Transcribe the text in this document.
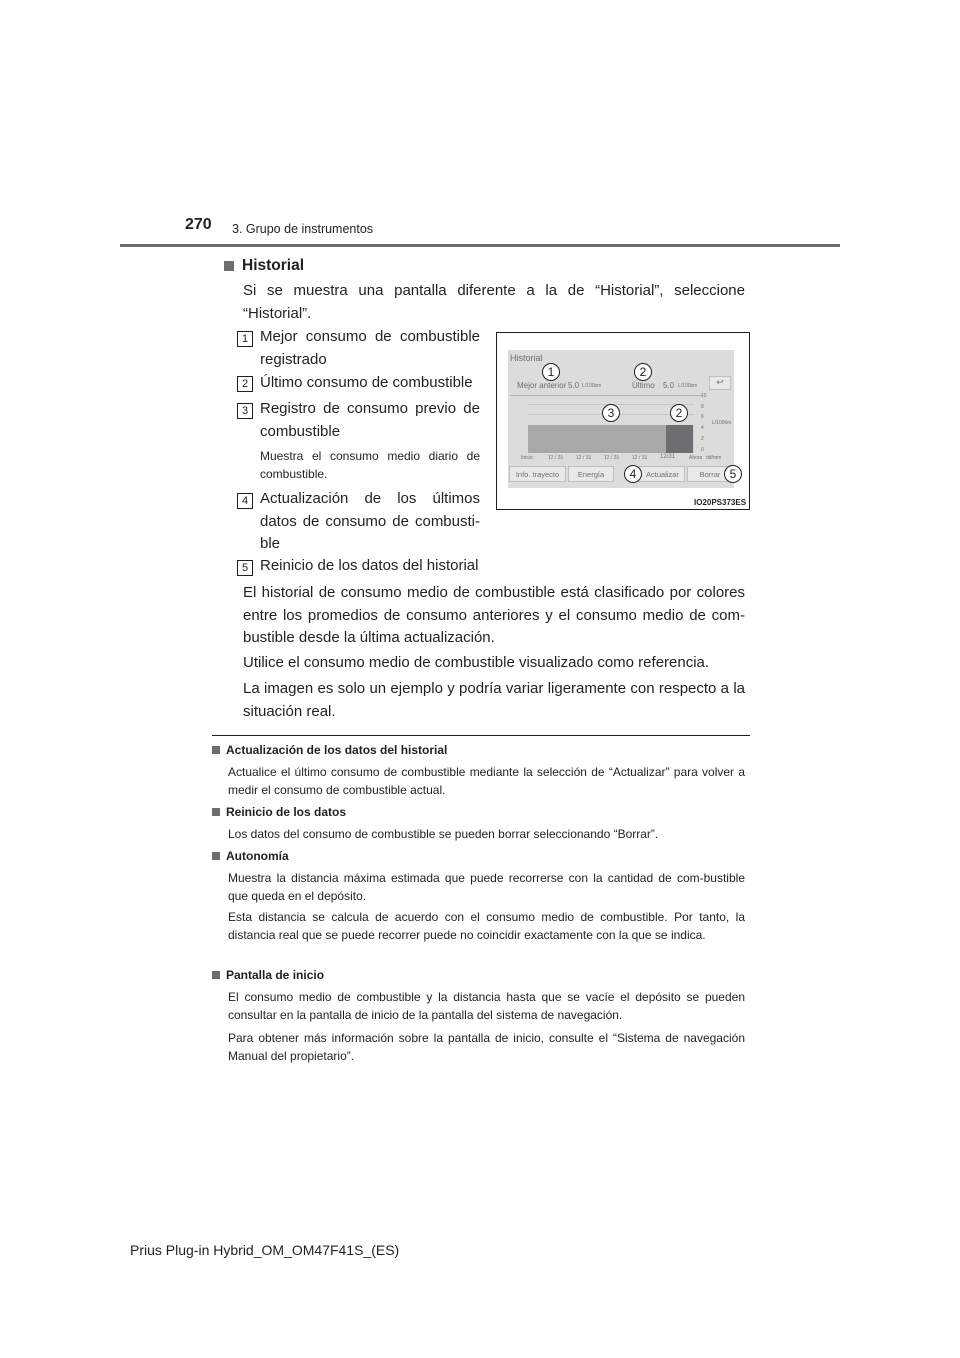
270 3. Grupo de instrumentos
Historial
Si se muestra una pantalla diferente a la de “Historial”, seleccione “Historial”.
1 Mejor consumo de combustible registrado
2 Último consumo de combustible
3 Registro de consumo previo de combustible
Muestra el consumo medio diario de combustible.
4 Actualización de los últimos datos de consumo de combusti-ble
5 Reinicio de los datos del historial
El historial de consumo medio de combustible está clasificado por colores entre los promedios de consumo anteriores y el consumo medio de com-bustible desde la última actualización.
Utilice el consumo medio de combustible visualizado como referencia.
La imagen es solo un ejemplo y podría variar ligeramente con respecto a la situación real.
Historial
Mejor anterior 5.0 L/100km	Último 5.0 L/100km	↩
10
8
6
4
2
0
L/100km
Inicio	12 / 31	12 / 31	12 / 31	12 / 31 12/31	Ahora dd/mm
Info. trayecto	Energía	Actualizar	Borrar
1	2
3	2
4	5
IO20PS373ES
Actualización de los datos del historial
Actualice el último consumo de combustible mediante la selección de “Actualizar” para volver a medir el consumo de combustible actual.
Reinicio de los datos
Los datos del consumo de combustible se pueden borrar seleccionando “Borrar”.
Autonomía
Muestra la distancia máxima estimada que puede recorrerse con la cantidad de com-bustible que queda en el depósito.
Esta distancia se calcula de acuerdo con el consumo medio de combustible. Por tanto, la distancia real que se puede recorrer puede no coincidir exactamente con la que se indica.
Pantalla de inicio
El consumo medio de combustible y la distancia hasta que se vacíe el depósito se pueden consultar en la pantalla de inicio de la pantalla del sistema de navegación.
Para obtener más información sobre la pantalla de inicio, consulte el “Sistema de navegación Manual del propietario”.
Prius Plug-in Hybrid_OM_OM47F41S_(ES)
